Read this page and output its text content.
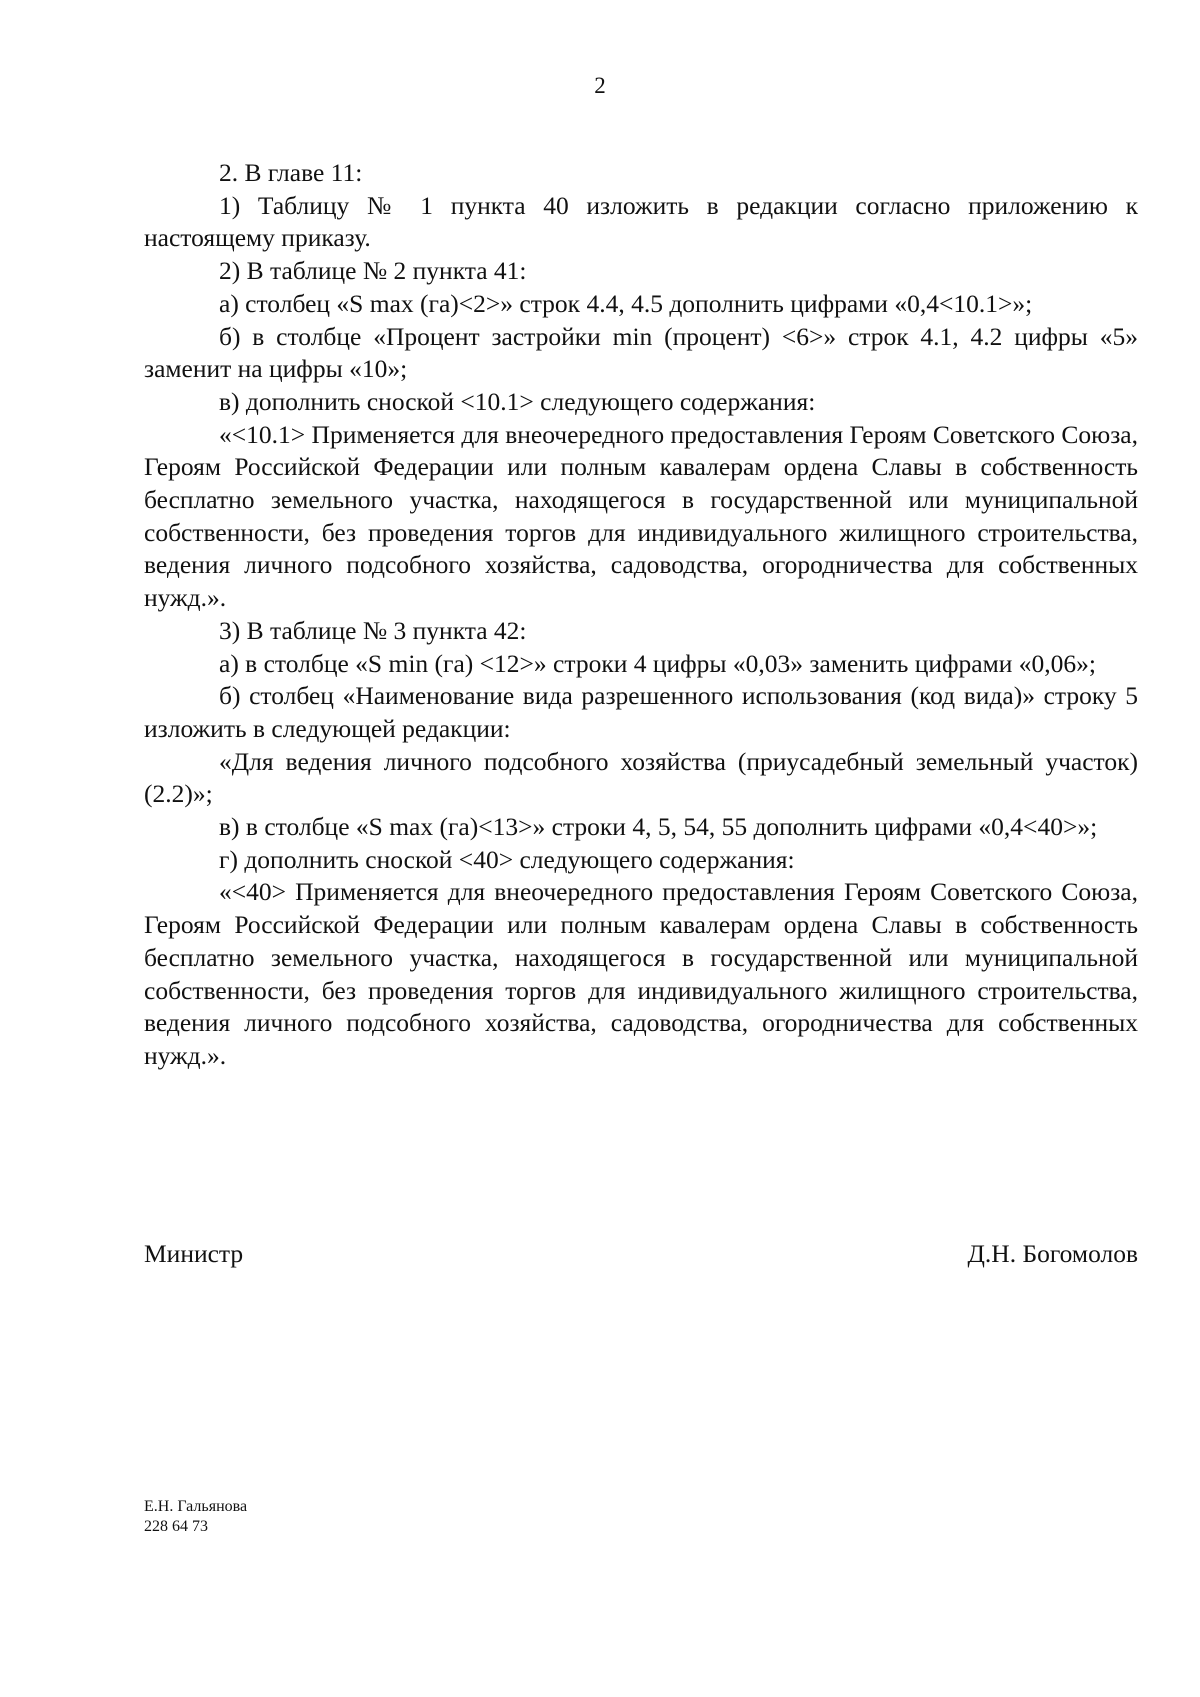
2

2. В главе 11:

1) Таблицу № 1 пункта 40 изложить в редакции согласно приложению к настоящему приказу.

2) В таблице № 2 пункта 41:

а) столбец «S max (га)<2>» строк 4.4, 4.5 дополнить цифрами «0,4<10.1>»;

б) в столбце «Процент застройки min (процент) <6>» строк 4.1, 4.2 цифры «5» заменит на цифры «10»;

в) дополнить сноской <10.1> следующего содержания:

«<10.1> Применяется для внеочередного предоставления Героям Советского Союза, Героям Российской Федерации или полным кавалерам ордена Славы в собственность бесплатно земельного участка, находящегося в государственной или муниципальной собственности, без проведения торгов для индивидуального жилищного строительства, ведения личного подсобного хозяйства, садоводства, огородничества для собственных нужд.».

3) В таблице № 3 пункта 42:

а) в столбце «S min (га) <12>» строки 4 цифры «0,03» заменить цифрами «0,06»;

б) столбец «Наименование вида разрешенного использования (код вида)» строку 5 изложить в следующей редакции:

«Для ведения личного подсобного хозяйства (приусадебный земельный участок) (2.2)»;

в) в столбце «S max (га)<13>» строки 4, 5, 54, 55 дополнить цифрами «0,4<40>»;

г) дополнить сноской <40> следующего содержания:

«<40> Применяется для внеочередного предоставления Героям Советского Союза, Героям Российской Федерации или полным кавалерам ордена Славы в собственность бесплатно земельного участка, находящегося в государственной или муниципальной собственности, без проведения торгов для индивидуального жилищного строительства, ведения личного подсобного хозяйства, садоводства, огородничества для собственных нужд.».

Министр	Д.Н. Богомолов
Е.Н. Гальянова
228 64 73
